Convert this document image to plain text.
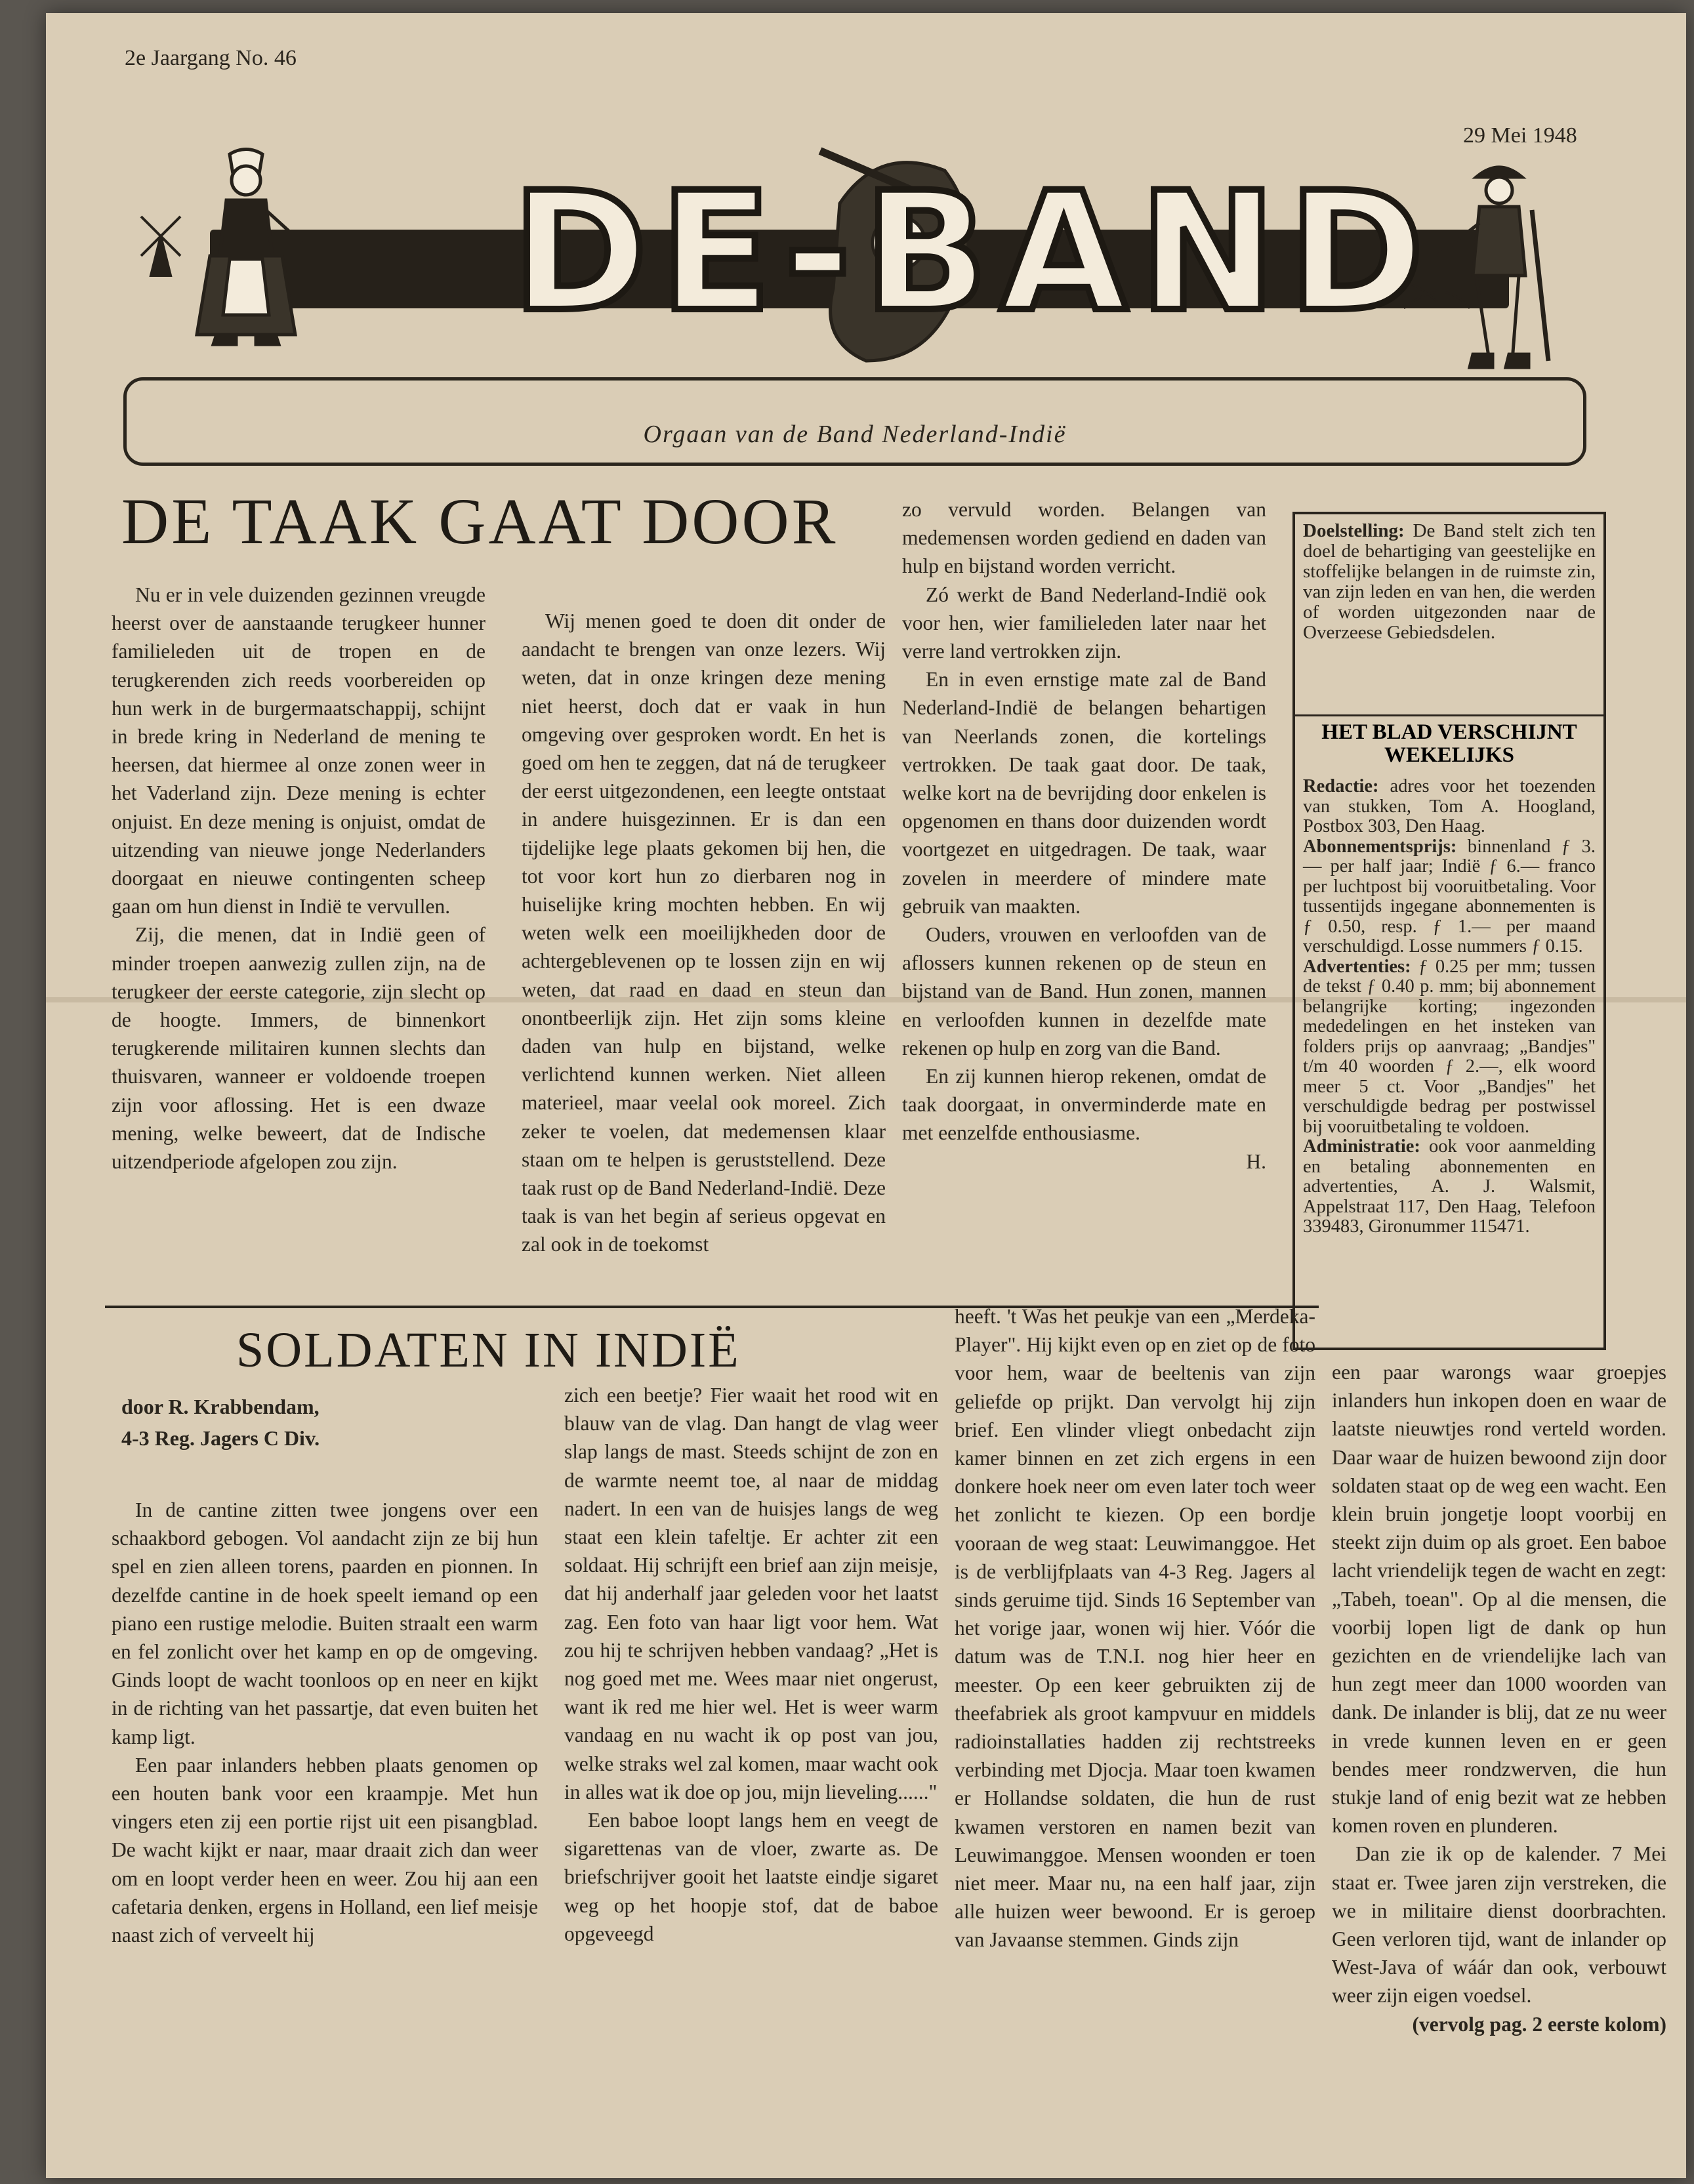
2e Jaargang No. 46
29 Mei 1948
DE-BAND
Orgaan van de Band Nederland-Indië
DE TAAK GAAT DOOR

Nu er in vele duizenden gezinnen vreugde heerst over de aanstaande terugkeer hunner familieleden uit de tropen en de terugkerenden zich reeds voorbereiden op hun werk in de burgermaatschappij, schijnt in brede kring in Nederland de mening te heersen, dat hiermee al onze zonen weer in het Vaderland zijn. Deze mening is echter onjuist. En deze mening is onjuist, omdat de uitzending van nieuwe jonge Nederlanders doorgaat en nieuwe contingenten scheep gaan om hun dienst in Indië te vervullen.

Zij, die menen, dat in Indië geen of minder troepen aanwezig zullen zijn, na de terugkeer der eerste categorie, zijn slecht op de hoogte. Immers, de binnenkort terugkerende militairen kunnen slechts dan thuisvaren, wanneer er voldoende troepen zijn voor aflossing. Het is een dwaze mening, welke beweert, dat de Indische uitzendperiode afgelopen zou zijn.

Wij menen goed te doen dit onder de aandacht te brengen van onze lezers. Wij weten, dat in onze kringen deze mening niet heerst, doch dat er vaak in hun omgeving over gesproken wordt. En het is goed om hen te zeggen, dat ná de terugkeer der eerst uitgezondenen, een leegte ontstaat in andere huisgezinnen. Er is dan een tijdelijke lege plaats gekomen bij hen, die tot voor kort hun zo dierbaren nog in huiselijke kring mochten hebben. En wij weten welk een moeilijkheden door de achtergeblevenen op te lossen zijn en wij weten, dat raad en daad en steun dan onontbeerlijk zijn. Het zijn soms kleine daden van hulp en bijstand, welke verlichtend kunnen werken. Niet alleen materieel, maar veelal ook moreel. Zich zeker te voelen, dat medemensen klaar staan om te helpen is geruststellend. Deze taak rust op de Band Nederland-Indië. Deze taak is van het begin af serieus opgevat en zal ook in de toekomst

zo vervuld worden. Belangen van medemensen worden gediend en daden van hulp en bijstand worden verricht.

Zó werkt de Band Nederland-Indië ook voor hen, wier familieleden later naar het verre land vertrokken zijn.

En in even ernstige mate zal de Band Nederland-Indië de belangen behartigen van Neerlands zonen, die kortelings vertrokken. De taak gaat door. De taak, welke kort na de bevrijding door enkelen is opgenomen en thans door duizenden wordt voortgezet en uitgedragen. De taak, waar zovelen in meerdere of mindere mate gebruik van maakten.

Ouders, vrouwen en verloofden van de aflossers kunnen rekenen op de steun en bijstand van de Band. Hun zonen, mannen en verloofden kunnen in dezelfde mate rekenen op hulp en zorg van die Band.

En zij kunnen hierop rekenen, omdat de taak doorgaat, in onverminderde mate en met eenzelfde enthousiasme.

H.

Doelstelling: De Band stelt zich ten doel de behartiging van geestelijke en stoffelijke belangen in de ruimste zin, van zijn leden en van hen, die werden of worden uitgezonden naar de Overzeese Gebiedsdelen.
HET BLAD VERSCHIJNT WEKELIJKS

Redactie: adres voor het toezenden van stukken, Tom A. Hoogland, Postbox 303, Den Haag.

Abonnementsprijs: binnenland ƒ 3.— per half jaar; Indië ƒ 6.— franco per luchtpost bij vooruitbetaling. Voor tussentijds ingegane abonnementen is ƒ 0.50, resp. ƒ 1.— per maand verschuldigd. Losse nummers ƒ 0.15.

Advertenties: ƒ 0.25 per mm; tussen de tekst ƒ 0.40 p. mm; bij abonnement belangrijke korting; ingezonden mededelingen en het insteken van folders prijs op aanvraag; „Bandjes" t/m 40 woorden ƒ 2.—, elk woord meer 5 ct. Voor „Bandjes" het verschuldigde bedrag per postwissel bij vooruitbetaling te voldoen.

Administratie: ook voor aanmelding en betaling abonnementen en advertenties, A. J. Walsmit, Appelstraat 117, Den Haag, Telefoon 339483, Gironummer 115471.

SOLDATEN IN INDIË
door R. Krabbendam,
4-3 Reg. Jagers C Div.

In de cantine zitten twee jongens over een schaakbord gebogen. Vol aandacht zijn ze bij hun spel en zien alleen torens, paarden en pionnen. In dezelfde cantine in de hoek speelt iemand op een piano een rustige melodie. Buiten straalt een warm en fel zonlicht over het kamp en op de omgeving. Ginds loopt de wacht toonloos op en neer en kijkt in de richting van het passartje, dat even buiten het kamp ligt.

Een paar inlanders hebben plaats genomen op een houten bank voor een kraampje. Met hun vingers eten zij een portie rijst uit een pisangblad. De wacht kijkt er naar, maar draait zich dan weer om en loopt verder heen en weer. Zou hij aan een cafetaria denken, ergens in Holland, een lief meisje naast zich of verveelt hij

zich een beetje? Fier waait het rood wit en blauw van de vlag. Dan hangt de vlag weer slap langs de mast. Steeds schijnt de zon en de warmte neemt toe, al naar de middag nadert. In een van de huisjes langs de weg staat een klein tafeltje. Er achter zit een soldaat. Hij schrijft een brief aan zijn meisje, dat hij anderhalf jaar geleden voor het laatst zag. Een foto van haar ligt voor hem. Wat zou hij te schrijven hebben vandaag? „Het is nog goed met me. Wees maar niet ongerust, want ik red me hier wel. Het is weer warm vandaag en nu wacht ik op post van jou, welke straks wel zal komen, maar wacht ook in alles wat ik doe op jou, mijn lieveling......"

Een baboe loopt langs hem en veegt de sigarettenas van de vloer, zwarte as. De briefschrijver gooit het laatste eindje sigaret weg op het hoopje stof, dat de baboe opgeveegd

heeft. 't Was het peukje van een „Merdeka-Player". Hij kijkt even op en ziet op de foto voor hem, waar de beeltenis van zijn geliefde op prijkt. Dan vervolgt hij zijn brief. Een vlinder vliegt onbedacht zijn kamer binnen en zet zich ergens in een donkere hoek neer om even later toch weer het zonlicht te kiezen. Op een bordje vooraan de weg staat: Leuwimanggoe. Het is de verblijfplaats van 4-3 Reg. Jagers al sinds geruime tijd. Sinds 16 September van het vorige jaar, wonen wij hier. Vóór die datum was de T.N.I. nog hier heer en meester. Op een keer gebruikten zij de theefabriek als groot kampvuur en middels radioinstallaties hadden zij rechtstreeks verbinding met Djocja. Maar toen kwamen er Hollandse soldaten, die hun de rust kwamen verstoren en namen bezit van Leuwimanggoe. Mensen woonden er toen niet meer. Maar nu, na een half jaar, zijn alle huizen weer bewoond. Er is geroep van Javaanse stemmen. Ginds zijn

een paar warongs waar groepjes inlanders hun inkopen doen en waar de laatste nieuwtjes rond verteld worden. Daar waar de huizen bewoond zijn door soldaten staat op de weg een wacht. Een klein bruin jongetje loopt voorbij en steekt zijn duim op als groet. Een baboe lacht vriendelijk tegen de wacht en zegt: „Tabeh, toean". Op al die mensen, die voorbij lopen ligt de dank op hun gezichten en de vriendelijke lach van hun zegt meer dan 1000 woorden van dank. De inlander is blij, dat ze nu weer in vrede kunnen leven en er geen bendes meer rondzwerven, die hun stukje land of enig bezit wat ze hebben komen roven en plunderen.

Dan zie ik op de kalender. 7 Mei staat er. Twee jaren zijn verstreken, die we in militaire dienst doorbrachten. Geen verloren tijd, want de inlander op West-Java of wáár dan ook, verbouwt weer zijn eigen voedsel.

(vervolg pag. 2 eerste kolom)
